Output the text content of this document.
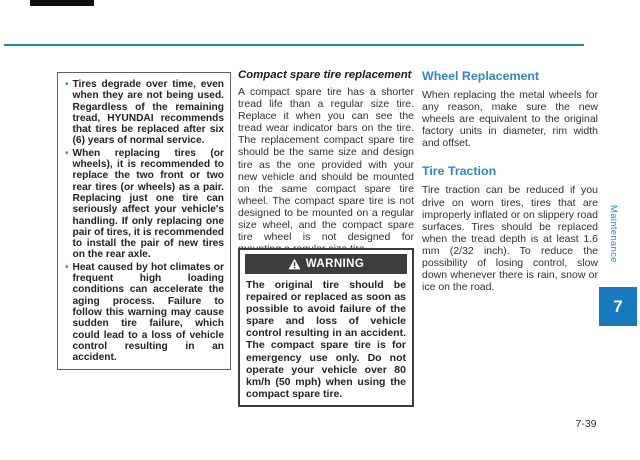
• Tires degrade over time, even when they are not being used. Regardless of the remaining tread, HYUNDAI recommends that tires be replaced after six (6) years of normal service.
• When replacing tires (or wheels), it is recommended to replace the two front or two rear tires (or wheels) as a pair. Replacing just one tire can seriously affect your vehicle's handling. If only replacing one pair of tires, it is recommended to install the pair of new tires on the rear axle.
• Heat caused by hot climates or frequent high loading conditions can accelerate the aging process. Failure to follow this warning may cause sudden tire failure, which could lead to a loss of vehicle control resulting in an accident.
Compact spare tire replacement
A compact spare tire has a shorter tread life than a regular size tire. Replace it when you can see the tread wear indicator bars on the tire. The replacement compact spare tire should be the same size and design tire as the one provided with your new vehicle and should be mounted on the same compact spare tire wheel. The compact spare tire is not designed to be mounted on a regular size wheel, and the compact spare tire wheel is not designed for
WARNING
The original tire should be repaired or replaced as soon as possible to avoid failure of the spare and loss of vehicle control resulting in an accident. The compact spare tire is for emergency use only. Do not operate your vehicle over 80 km/h (50 mph) when using the compact spare tire.
Wheel Replacement
When replacing the metal wheels for any reason, make sure the new wheels are equivalent to the original factory units in diameter, rim width and offset.
Tire Traction
Tire traction can be reduced if you drive on worn tires, tires that are improperly inflated or on slippery road surfaces. Tires should be replaced when the tread depth is at least 1.6 mm (2/32 inch). To reduce the possibility of losing control, slow down whenever there is rain, snow or ice on the road.
Maintenance
7
7-39
